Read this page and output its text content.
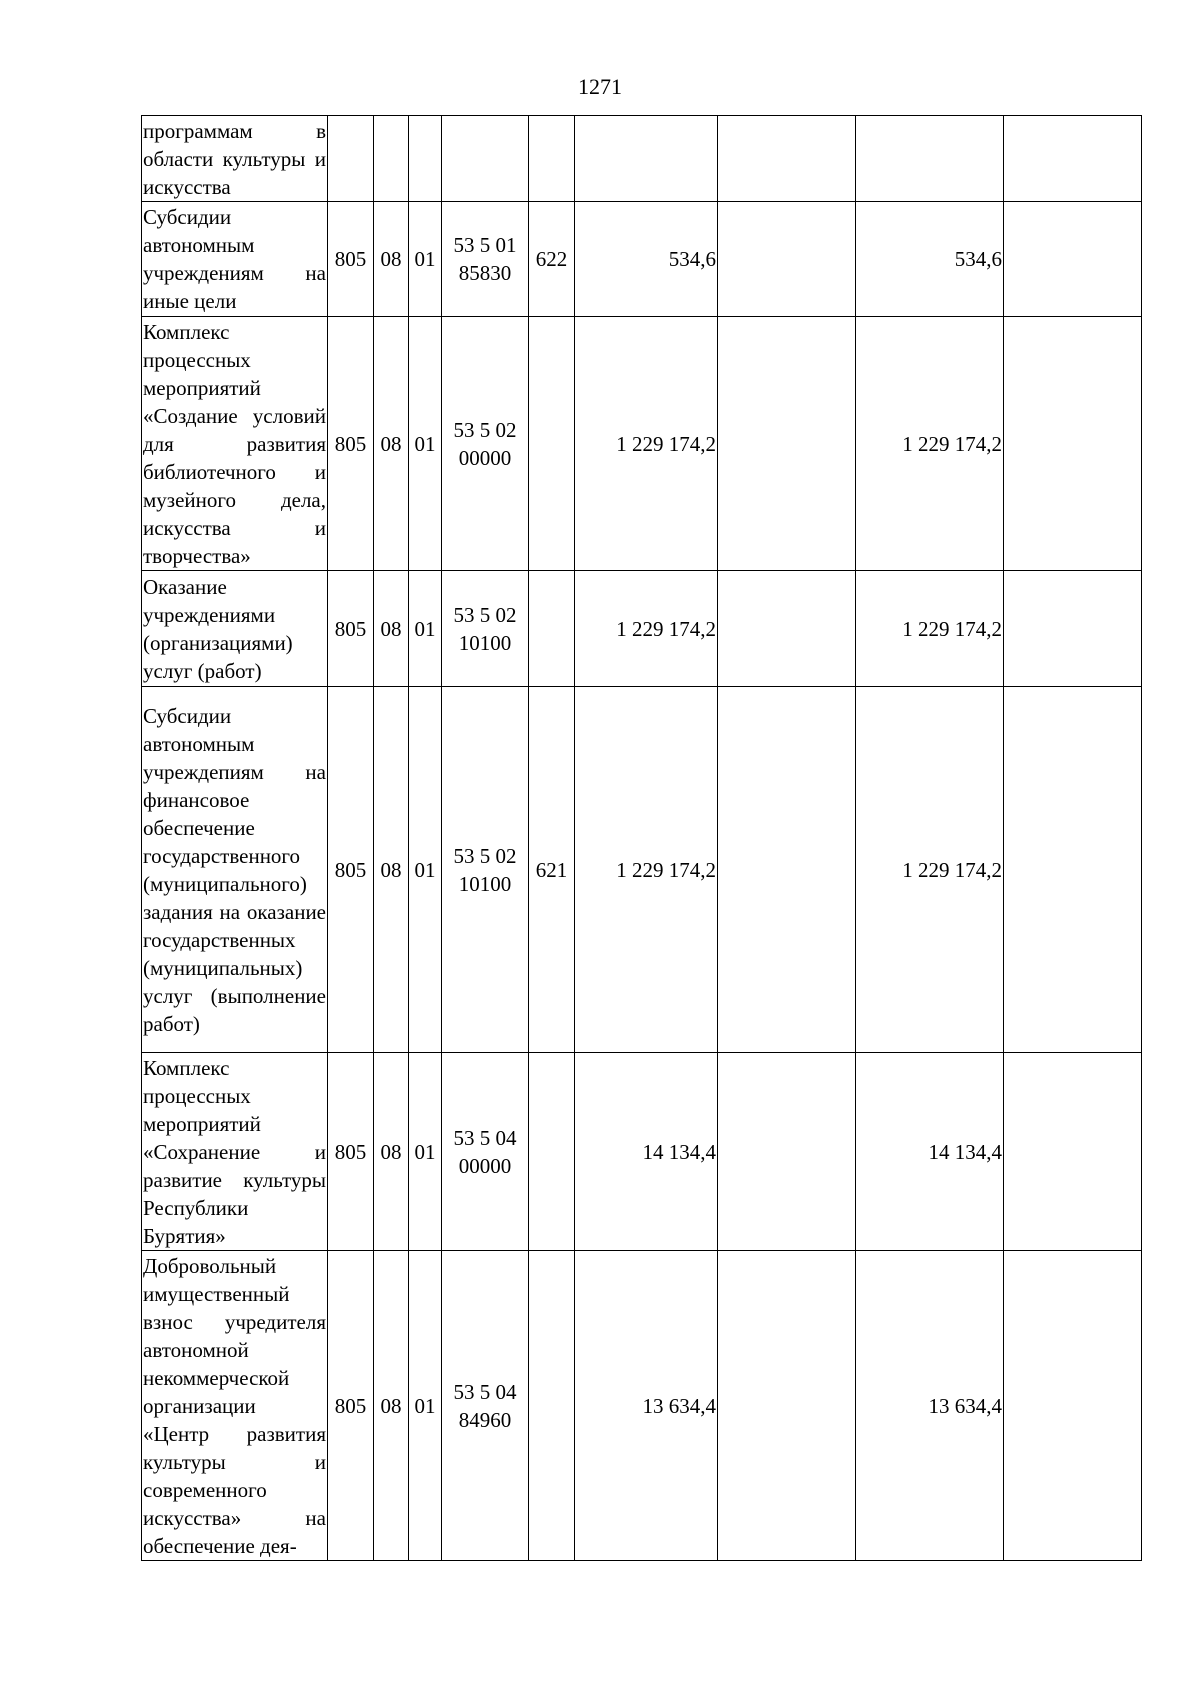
1271
программам в области культуры и искусства									
Субсидии автономным учреждениям на иные цели	805	08	01	53 5 01 85830	622	534,6		534,6	
Комплекс процессных мероприятий «Создание условий для развития библиотечного и музейного дела, искусства и творчества»	805	08	01	53 5 02 00000		1 229 174,2		1 229 174,2	
Оказание учреждениями (организациями) услуг (работ)	805	08	01	53 5 02 10100		1 229 174,2		1 229 174,2	
Субсидии автономным учреждепиям на финансовое обеспечение государственного (муниципального) задания на оказание государственных (муниципальных) услуг (выполнение работ)	805	08	01	53 5 02 10100	621	1 229 174,2		1 229 174,2	
Комплекс процессных мероприятий «Сохранение и развитие культуры Республики Бурятия»	805	08	01	53 5 04 00000		14 134,4		14 134,4	
Добровольный имущественный взнос учредителя автономной некоммерческой организации «Центр развития культуры и современного искусства» на обеспечение дея-	805	08	01	53 5 04 84960		13 634,4		13 634,4	
